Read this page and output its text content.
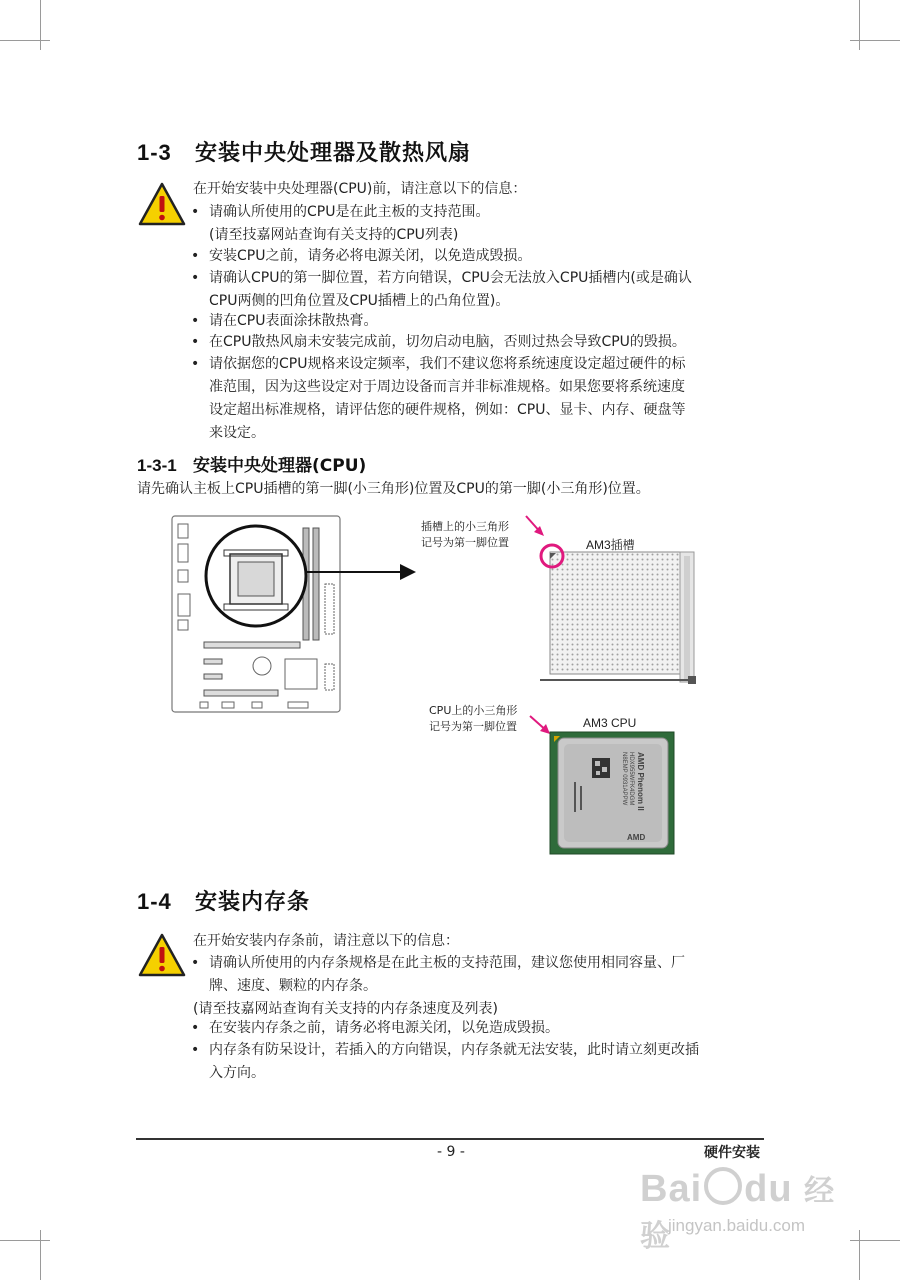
1-3 安装中央处理器及散热风扇
在开始安装中央处理器(CPU)前，请注意以下的信息：
• 请确认所使用的CPU是在此主板的支持范围。
(请至技嘉网站查询有关支持的CPU列表)
• 安装CPU之前，请务必将电源关闭，以免造成毁损。
• 请确认CPU的第一脚位置，若方向错误，CPU会无法放入CPU插槽内(或是确认
CPU两侧的凹角位置及CPU插槽上的凸角位置)。
• 请在CPU表面涂抹散热膏。
• 在CPU散热风扇未安装完成前，切勿启动电脑，否则过热会导致CPU的毁损。
• 请依据您的CPU规格来设定频率，我们不建议您将系统速度设定超过硬件的标
准范围，因为这些设定对于周边设备而言并非标准规格。如果您要将系统速度
设定超出标准规格，请评估您的硬件规格，例如：CPU、显卡、内存、硬盘等
来设定。
1-3-1 安装中央处理器(CPU)
请先确认主板上CPU插槽的第一脚(小三角形)位置及CPU的第一脚(小三角形)位置。
插槽上的小三角形
记号为第一脚位置	AM3插槽
CPU上的小三角形
记号为第一脚位置	AM3 CPU
AMD Phenom II
HDX955WFK4DGM
N8EMP 0931APPW
AMD
1-4 安装内存条
在开始安装内存条前，请注意以下的信息：
• 请确认所使用的内存条规格是在此主板的支持范围，建议您使用相同容量、厂
牌、速度、颗粒的内存条。
(请至技嘉网站查询有关支持的内存条速度及列表)
• 在安装内存条之前，请务必将电源关闭，以免造成毁损。
• 内存条有防呆设计，若插入的方向错误，内存条就无法安装，此时请立刻更改插
入方向。
- 9 -	硬件安装
Bai du 经验
jingyan.baidu.com
